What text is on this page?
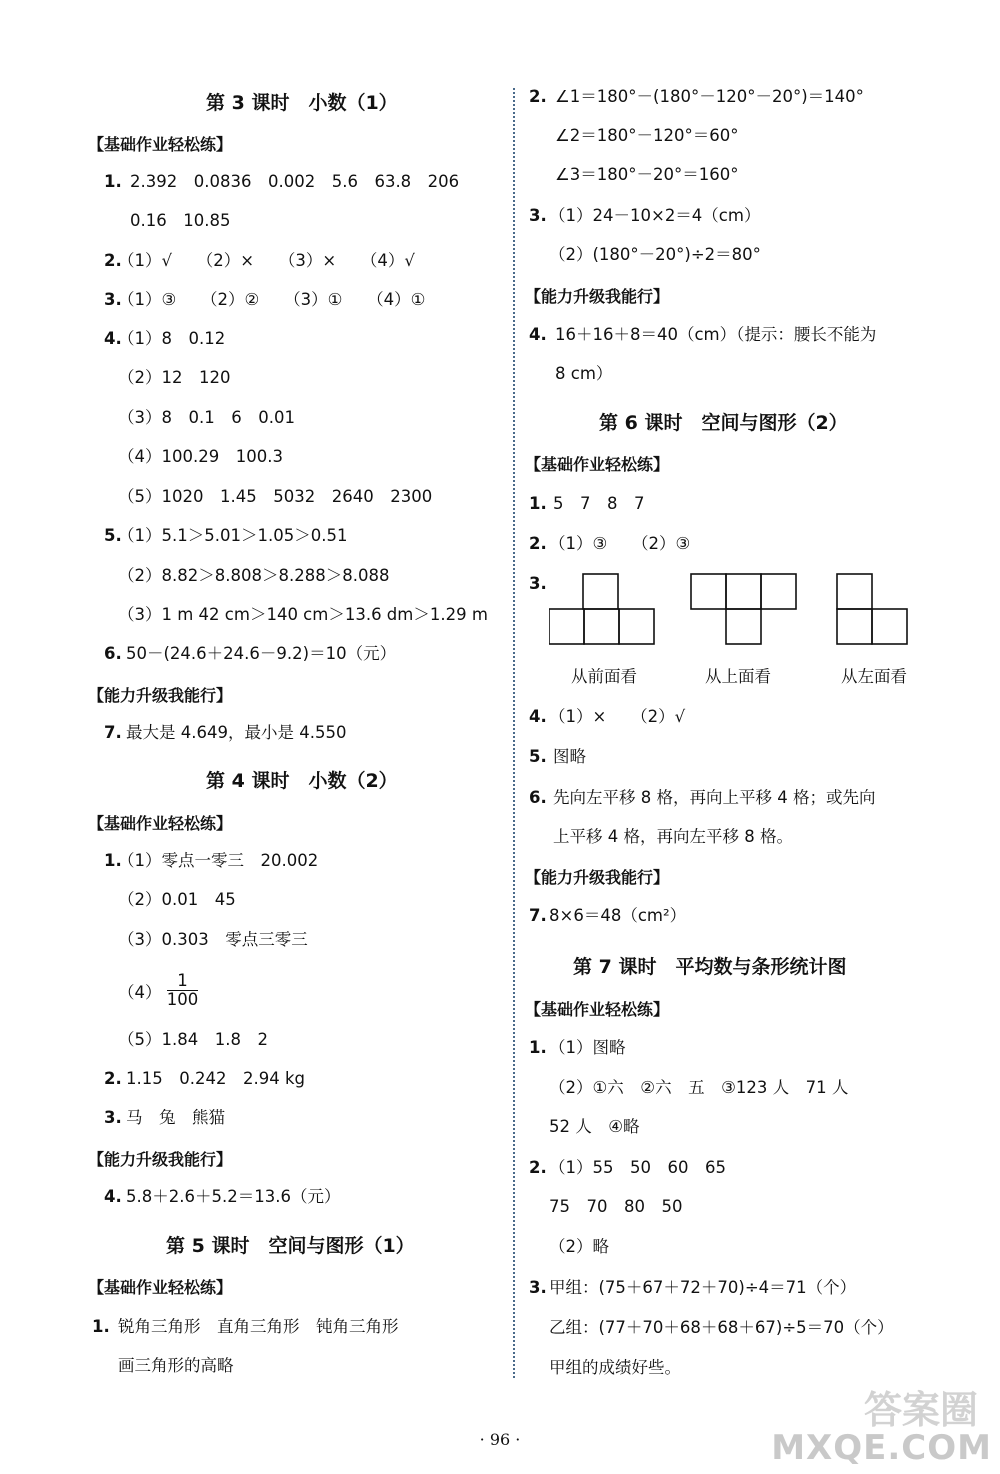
第 3 课时　小数（1）
【基础作业轻松练】
1. 2.392　0.0836　0.002　5.6　63.8　206
0.16　10.85
2.
（1）√　　（2）×　　（3）×　　（4）√
3.
（1）③　　（2）②　　（3）①　　（4）①
4.
（1）8　0.12
（2）12　120
（3）8　0.1　6　0.01
（4）100.29　100.3
（5）1020　1.45　5032　2640　2300
5.
（1）5.1＞5.01＞1.05＞0.51
（2）8.82＞8.808＞8.288＞8.088
（3）1 m 42 cm＞140 cm＞13.6 dm＞1.29 m
6. 50－(24.6＋24.6－9.2)＝10（元）
【能力升级我能行】
7. 最大是 4.649，最小是 4.550
第 4 课时　小数（2）
【基础作业轻松练】
1.
（1）零点一零三　20.002
（2）0.01　45
（3）0.303　零点三零三
$(4) \frac{1}{100}$
（5）1.84　1.8　2
2. 1.15　0.242　2.94 kg
3. 马　兔　熊猫
【能力升级我能行】
4. 5.8＋2.6＋5.2＝13.6（元）
第 5 课时　空间与图形（1）
【基础作业轻松练】
1. 锐角三角形　直角三角形　钝角三角形
画三角形的高略
2. ∠1＝180°－(180°－120°－20°)＝140°
∠2＝180°－120°＝60°
∠3＝180°－20°＝160°
3. （1）24－10×2＝4（cm）
（2）(180°－20°)÷2＝80°
【能力升级我能行】
4. 16＋16＋8＝40（cm）（提示：腰长不能为
8 cm）
第 6 课时　空间与图形（2）
【基础作业轻松练】
1. 5　7　8　7
2. （1）③　　（2）③
3.
从前面看	从上面看	从左面看
4. （1）×　　（2）√
5. 图略
6. 先向左平移 8 格，再向上平移 4 格；或先向
上平移 4 格，再向左平移 8 格。
【能力升级我能行】
7. 8×6＝48（cm²）
第 7 课时　平均数与条形统计图
【基础作业轻松练】
1. （1）图略
（2）①六　②六　五　③123 人　71 人
52 人　④略
2. （1）55　50　60　65
75　70　80　50
（2）略
3. 甲组：(75＋67＋72＋70)÷4＝71（个）
乙组：(77＋70＋68＋68＋67)÷5＝70（个）
甲组的成绩好些。
· 96 ·
答案圈
MXQE.COM
